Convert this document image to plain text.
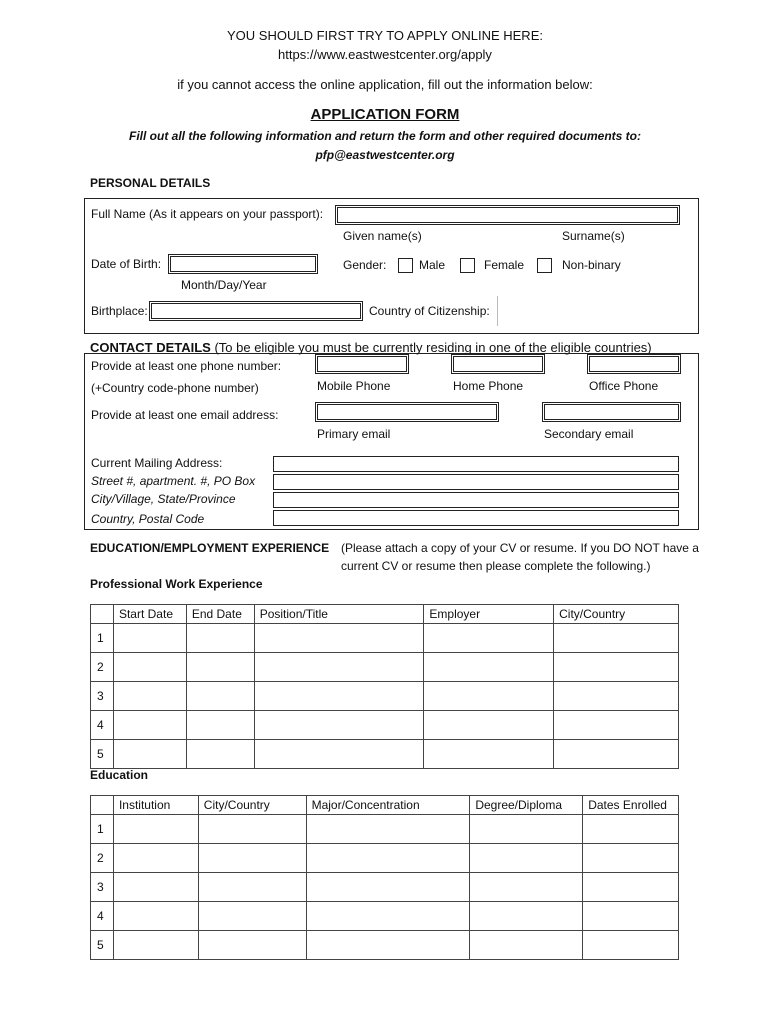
YOU SHOULD FIRST TRY TO APPLY ONLINE HERE:
https://www.eastwestcenter.org/apply
if you cannot access the online application, fill out the information below:
APPLICATION FORM
Fill out all the following information and return the form and other required documents to:
pfp@eastwestcenter.org
PERSONAL DETAILS
Full Name (As it appears on your passport):
Given name(s)	Surname(s)
Date of Birth:
Month/Day/Year
Gender:	Male	Female	Non-binary
Birthplace:	Country of Citizenship:
CONTACT DETAILS (To be eligible you must be currently residing in one of the eligible countries)
Provide at least one phone number:
(+Country code-phone number)	Mobile Phone	Home Phone	Office Phone
Provide at least one email address:
Primary email	Secondary email
Current Mailing Address:
Street #, apartment. #, PO Box
City/Village, State/Province
Country, Postal Code
EDUCATION/EMPLOYMENT EXPERIENCE (Please attach a copy of your CV or resume. If you DO NOT have a
current CV or resume then please complete the following.)
Professional Work Experience
	Start Date	End Date	Position/Title	Employer	City/Country
1					
2					
3					
4					
5					
Education
	Institution	City/Country	Major/Concentration	Degree/Diploma	Dates Enrolled
1					
2					
3					
4					
5					
